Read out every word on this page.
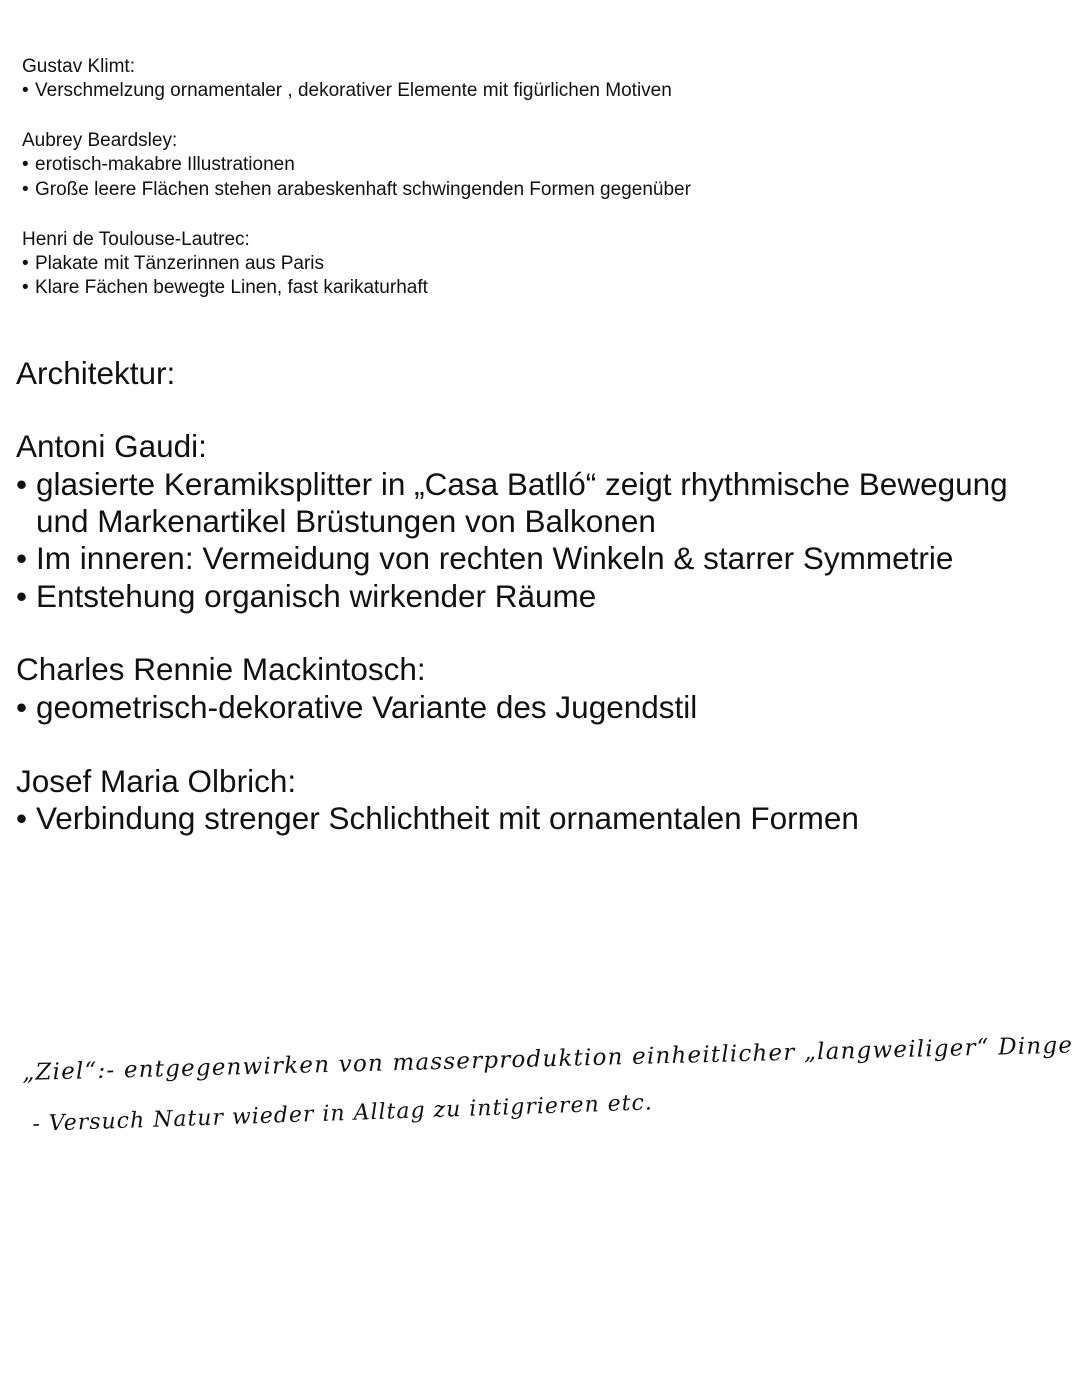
Gustav Klimt:
• Verschmelzung ornamentaler , dekorativer Elemente mit figürlichen Motiven
Aubrey Beardsley:
• erotisch-makabre Illustrationen
• Große leere Flächen stehen arabeskenhaft schwingenden Formen gegenüber
Henri de Toulouse-Lautrec:
• Plakate mit Tänzerinnen aus Paris
• Klare Fächen bewegte Linen, fast karikaturhaft
Architektur:
Antoni Gaudi:
• glasierte Keramiksplitter in „Casa Batlló“ zeigt rhythmische Bewegung
und Markenartikel Brüstungen von Balkonen
• Im inneren: Vermeidung von rechten Winkeln & starrer Symmetrie
• Entstehung organisch wirkender Räume
Charles Rennie Mackintosch:
• geometrisch-dekorative Variante des Jugendstil
Josef Maria Olbrich:
• Verbindung strenger Schlichtheit mit ornamentalen Formen
„Ziel“:- entgegenwirken von masserproduktion einheitlicher „langweiliger“ Dinge
- Versuch Natur wieder in Alltag zu intigrieren etc.
